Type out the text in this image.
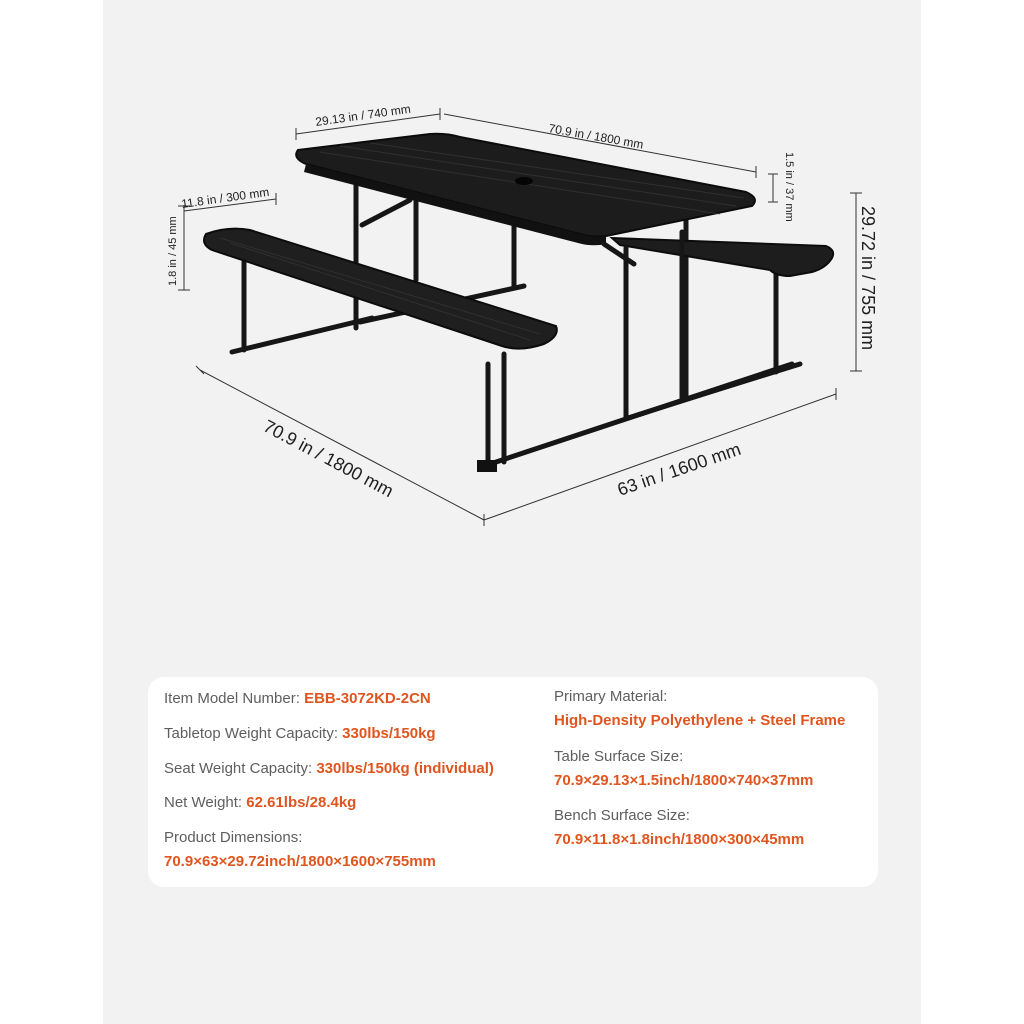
29.13 in / 740 mm
70.9 in / 1800 mm
1.5 in / 37 mm
29.72 in / 755 mm
11.8 in / 300 mm
1.8 in / 45 mm
70.9 in / 1800 mm	63 in / 1600 mm
Item Model Number: EBB-3072KD-2CN
Tabletop Weight Capacity: 330lbs/150kg
Seat Weight Capacity: 330lbs/150kg (individual)
Net Weight: 62.61lbs/28.4kg
Product Dimensions:
70.9×63×29.72inch/1800×1600×755mm
Primary Material:
High-Density Polyethylene + Steel Frame
Table Surface Size:
70.9×29.13×1.5inch/1800×740×37mm
Bench Surface Size:
70.9×11.8×1.8inch/1800×300×45mm
